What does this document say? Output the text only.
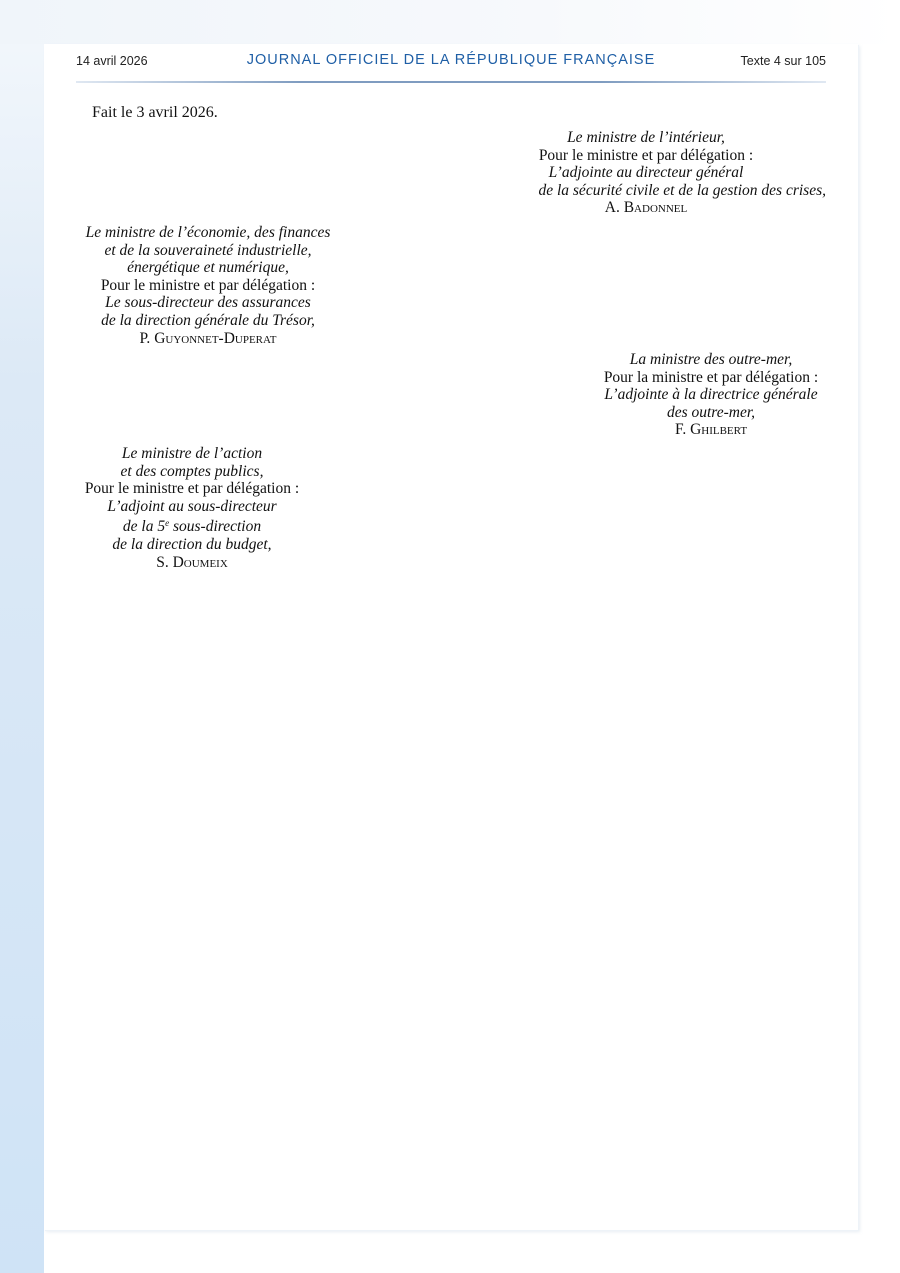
14 avril 2026	JOURNAL OFFICIEL DE LA RÉPUBLIQUE FRANÇAISE	Texte 4 sur 105
Fait le 3 avril 2026.
Le ministre de l’intérieur,
Pour le ministre et par délégation :
L’adjointe au directeur général
de la sécurité civile et de la gestion des crises,
A. Badonnel
Le ministre de l’économie, des finances
et de la souveraineté industrielle,
énergétique et numérique,
Pour le ministre et par délégation :
Le sous-directeur des assurances
de la direction générale du Trésor,
P. Guyonnet-Duperat
La ministre des outre-mer,
Pour la ministre et par délégation :
L’adjointe à la directrice générale
des outre-mer,
F. Ghilbert
Le ministre de l’action
et des comptes publics,
Pour le ministre et par délégation :
L’adjoint au sous-directeur
de la 5e sous-direction
de la direction du budget,
S. Doumeix
